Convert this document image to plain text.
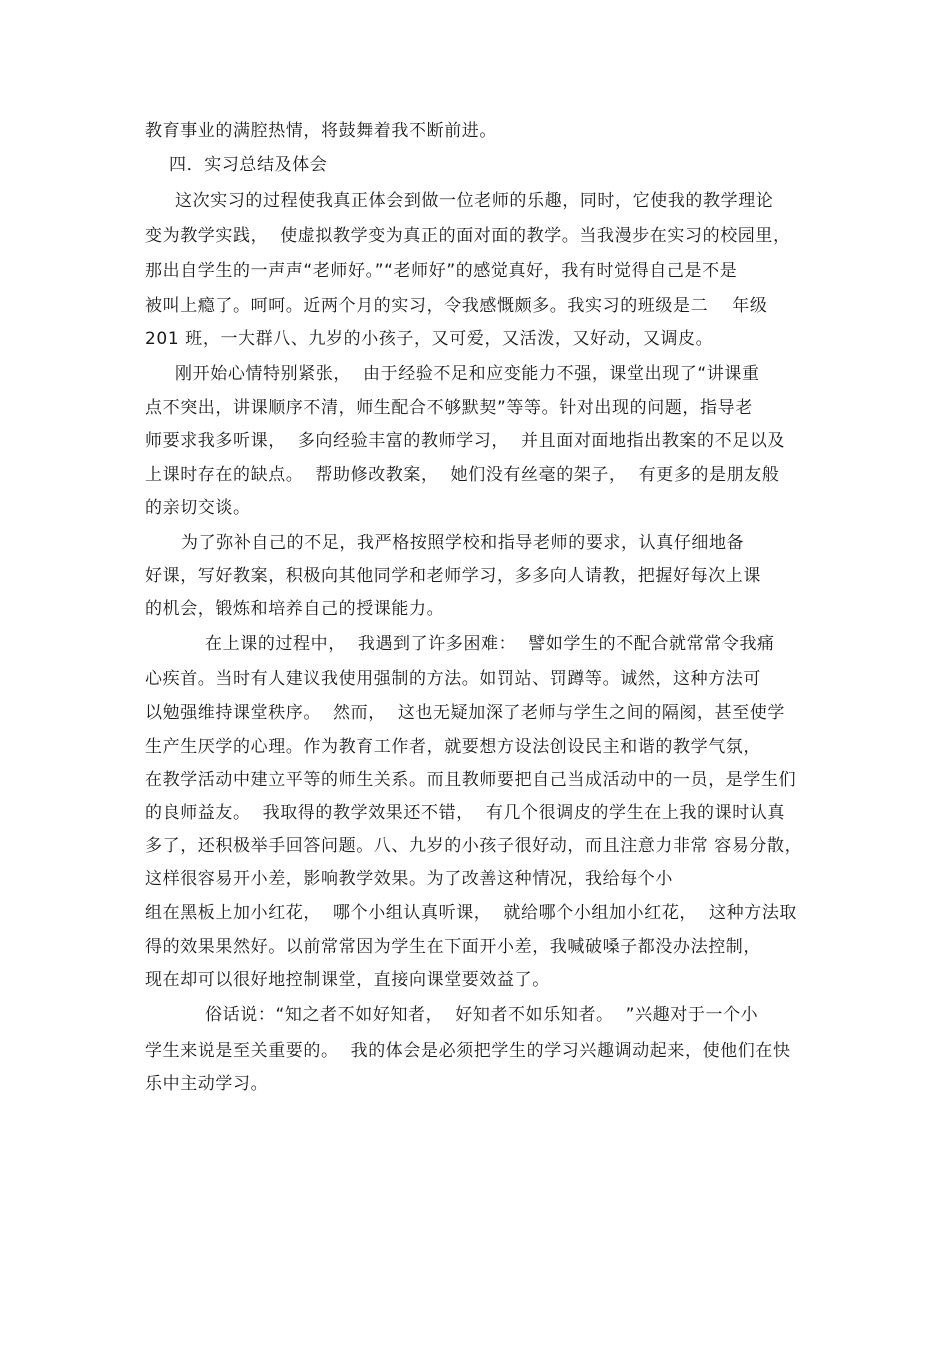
教育事业的满腔热情，将鼓舞着我不断前进。
四．实习总结及体会
这次实习的过程使我真正体会到做一位老师的乐趣，同时，它使我的教学理论
变为教学实践，  使虚拟教学变为真正的面对面的教学。当我漫步在实习的校园里，
那出自学生的一声声“老师好。”“老师好”的感觉真好，我有时觉得自己是不是
被叫上瘾了。呵呵。近两个月的实习，令我感慨颇多。我实习的班级是二    年级
201 班，一大群八、九岁的小孩子，又可爱，又活泼，又好动，又调皮。
刚开始心情特别紧张，  由于经验不足和应变能力不强，课堂出现了“讲课重
点不突出，讲课顺序不清，师生配合不够默契”等等。针对出现的问题，指导老
师要求我多听课，  多向经验丰富的教师学习，  并且面对面地指出教案的不足以及
上课时存在的缺点。  帮助修改教案，  她们没有丝毫的架子，  有更多的是朋友般
的亲切交谈。
为了弥补自己的不足，我严格按照学校和指导老师的要求，认真仔细地备
好课，写好教案，积极向其他同学和老师学习，多多向人请教，把握好每次上课
的机会，锻炼和培养自己的授课能力。
在上课的过程中，  我遇到了许多困难：  譬如学生的不配合就常常令我痛
心疾首。当时有人建议我使用强制的方法。如罚站、罚蹲等。诚然，这种方法可
以勉强维持课堂秩序。  然而，  这也无疑加深了老师与学生之间的隔阂，甚至使学
生产生厌学的心理。作为教育工作者，就要想方设法创设民主和谐的教学气氛，
在教学活动中建立平等的师生关系。而且教师要把自己当成活动中的一员，是学生们
的良师益友。  我取得的教学效果还不错，  有几个很调皮的学生在上我的课时认真
多了，还积极举手回答问题。八、九岁的小孩子很好动，而且注意力非常 容易分散，
这样很容易开小差，影响教学效果。为了改善这种情况，我给每个小
组在黑板上加小红花，  哪个小组认真听课，  就给哪个小组加小红花，  这种方法取
得的效果果然好。以前常常因为学生在下面开小差，我喊破嗓子都没办法控制，
现在却可以很好地控制课堂，直接向课堂要效益了。
俗话说：“知之者不如好知者，  好知者不如乐知者。  ”兴趣对于一个小
学生来说是至关重要的。  我的体会是必须把学生的学习兴趣调动起来，使他们在快
乐中主动学习。
